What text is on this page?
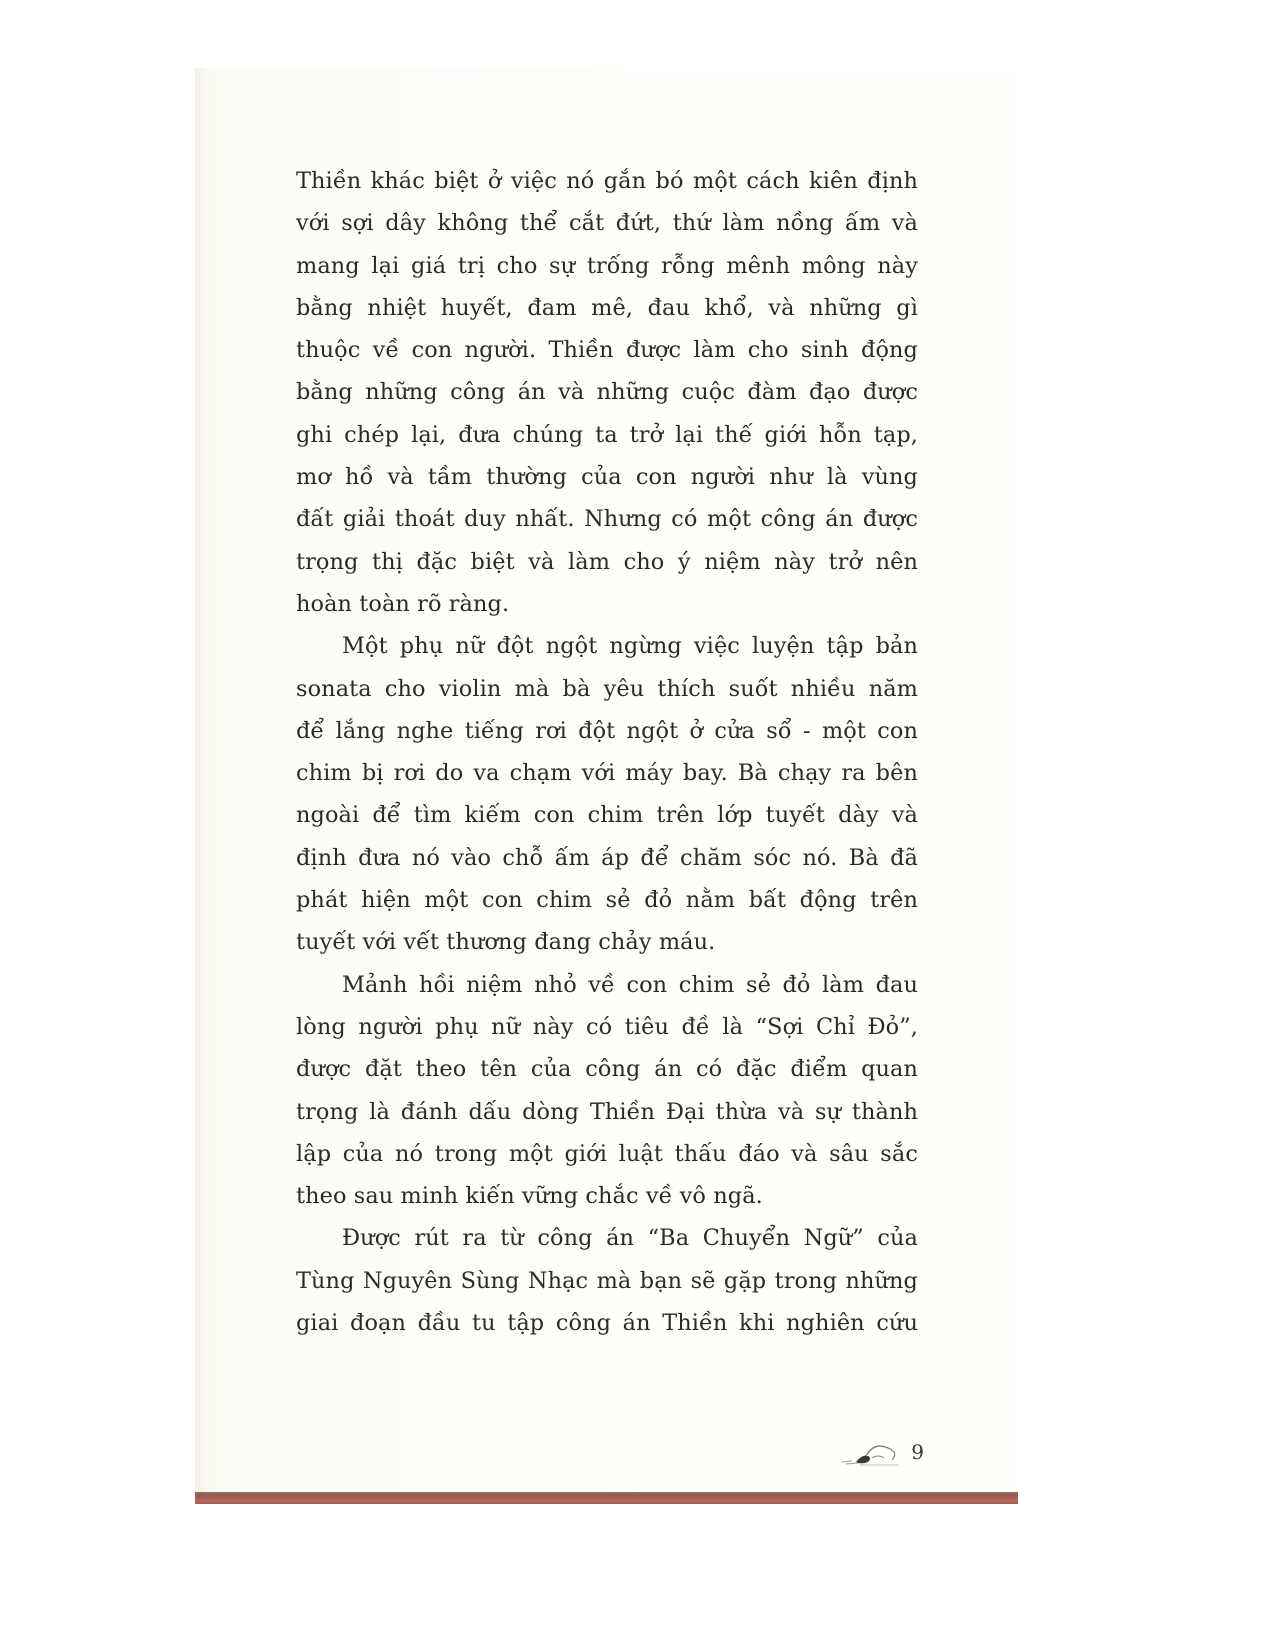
Thiền khác biệt ở việc nó gắn bó một cách kiên định
với sợi dây không thể cắt đứt, thứ làm nồng ấm và
mang lại giá trị cho sự trống rỗng mênh mông này
bằng nhiệt huyết, đam mê, đau khổ, và những gì
thuộc về con người. Thiền được làm cho sinh động
bằng những công án và những cuộc đàm đạo được
ghi chép lại, đưa chúng ta trở lại thế giới hỗn tạp,
mơ hồ và tầm thường của con người như là vùng
đất giải thoát duy nhất. Nhưng có một công án được
trọng thị đặc biệt và làm cho ý niệm này trở nên
hoàn toàn rõ ràng.
Một phụ nữ đột ngột ngừng việc luyện tập bản
sonata cho violin mà bà yêu thích suốt nhiều năm
để lắng nghe tiếng rơi đột ngột ở cửa sổ - một con
chim bị rơi do va chạm với máy bay. Bà chạy ra bên
ngoài để tìm kiếm con chim trên lớp tuyết dày và
định đưa nó vào chỗ ấm áp để chăm sóc nó. Bà đã
phát hiện một con chim sẻ đỏ nằm bất động trên
tuyết với vết thương đang chảy máu.
Mảnh hồi niệm nhỏ về con chim sẻ đỏ làm đau
lòng người phụ nữ này có tiêu đề là “Sợi Chỉ Đỏ”,
được đặt theo tên của công án có đặc điểm quan
trọng là đánh dấu dòng Thiền Đại thừa và sự thành
lập của nó trong một giới luật thấu đáo và sâu sắc
theo sau minh kiến vững chắc về vô ngã.
Được rút ra từ công án “Ba Chuyển Ngữ” của
Tùng Nguyên Sùng Nhạc mà bạn sẽ gặp trong những
giai đoạn đầu tu tập công án Thiền khi nghiên cứu
9
